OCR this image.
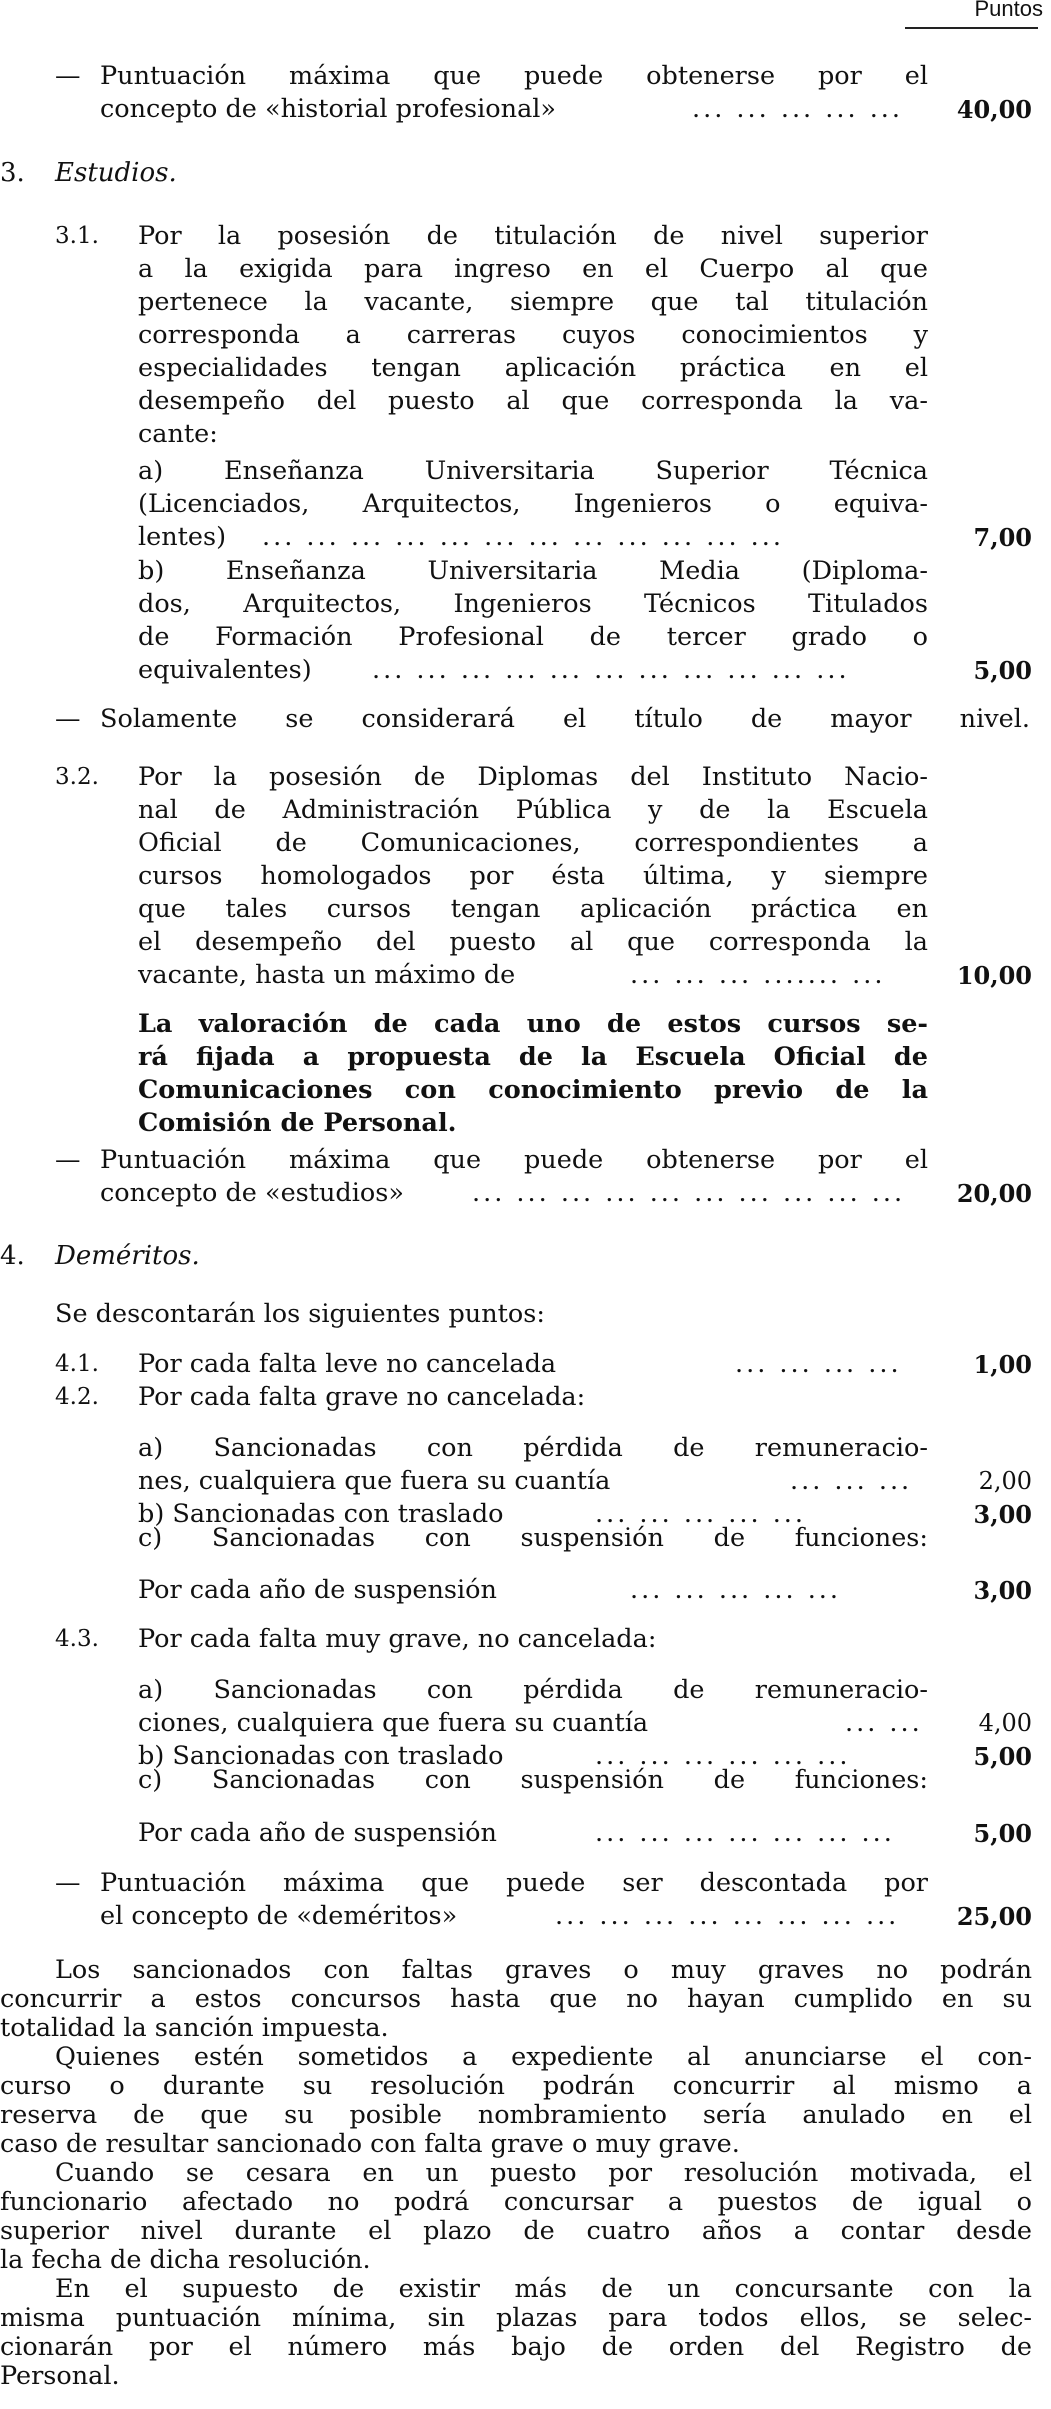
Puntos
— Puntuación máxima que puede obtenerse por el
concepto de «historial profesional»	... ... ... ... ...	40,00
3. Estudios.
3.1. Por la posesión de titulación de nivel superior
a la exigida para ingreso en el Cuerpo al que
pertenece la vacante, siempre que tal titulación
corresponda a carreras cuyos conocimientos y
especialidades tengan aplicación práctica en el
desempeño del puesto al que corresponda la va-
cante:
a) Enseñanza Universitaria Superior Técnica
(Licenciados, Arquitectos, Ingenieros o equiva-
lentes) ... ... ... ... ... ... ... ... ... ... ... ...	7,00
b) Enseñanza Universitaria Media (Diploma-
dos, Arquitectos, Ingenieros Técnicos Titulados
de Formación Profesional de tercer grado o
equivalentes) ... ... ... ... ... ... ... ... ... ... ...	5,00
— Solamente se considerará el título de mayor nivel.
3.2. Por la posesión de Diplomas del Instituto Nacio-
nal de Administración Pública y de la Escuela
Oficial de Comunicaciones, correspondientes a
cursos homologados por ésta última, y siempre
que tales cursos tengan aplicación práctica en
el desempeño del puesto al que corresponda la
vacante, hasta un máximo de	... ... ... ....... ...	10,00
La valoración de cada uno de estos cursos se-
rá fijada a propuesta de la Escuela Oficial de
Comunicaciones con conocimiento previo de la
Comisión de Personal.
— Puntuación máxima que puede obtenerse por el
concepto de «estudios»	... ... ... ... ... ... ... ... ... ...	20,00
4. Deméritos.
Se descontarán los siguientes puntos:
4.1. Por cada falta leve no cancelada	... ... ... ...	1,00
4.2. Por cada falta grave no cancelada:
a) Sancionadas con pérdida de remuneracio-
nes, cualquiera que fuera su cuantía	... ... ...	2,00
b) Sancionadas con traslado	... ... ... ... ...	3,00
c) Sancionadas con suspensión de funciones:
Por cada año de suspensión	... ... ... ... ...	3,00
4.3. Por cada falta muy grave, no cancelada:
a) Sancionadas con pérdida de remuneracio-
ciones, cualquiera que fuera su cuantía	... ... 4,00
b) Sancionadas con traslado	... ... ... ... ... ...	5,00
c) Sancionadas con suspensión de funciones:
Por cada año de suspensión	... ... ... ... ... ... ...	5,00
— Puntuación máxima que puede ser descontada por
el concepto de «deméritos»	... ... ... ... ... ... ... ...	25,00
Los sancionados con faltas graves o muy graves no podrán
concurrir a estos concursos hasta que no hayan cumplido en su
totalidad la sanción impuesta.
Quienes estén sometidos a expediente al anunciarse el con-
curso o durante su resolución podrán concurrir al mismo a
reserva de que su posible nombramiento sería anulado en el
caso de resultar sancionado con falta grave o muy grave.
Cuando se cesara en un puesto por resolución motivada, el
funcionario afectado no podrá concursar a puestos de igual o
superior nivel durante el plazo de cuatro años a contar desde
la fecha de dicha resolución.
En el supuesto de existir más de un concursante con la
misma puntuación mínima, sin plazas para todos ellos, se selec-
cionarán por el número más bajo de orden del Registro de
Personal.
